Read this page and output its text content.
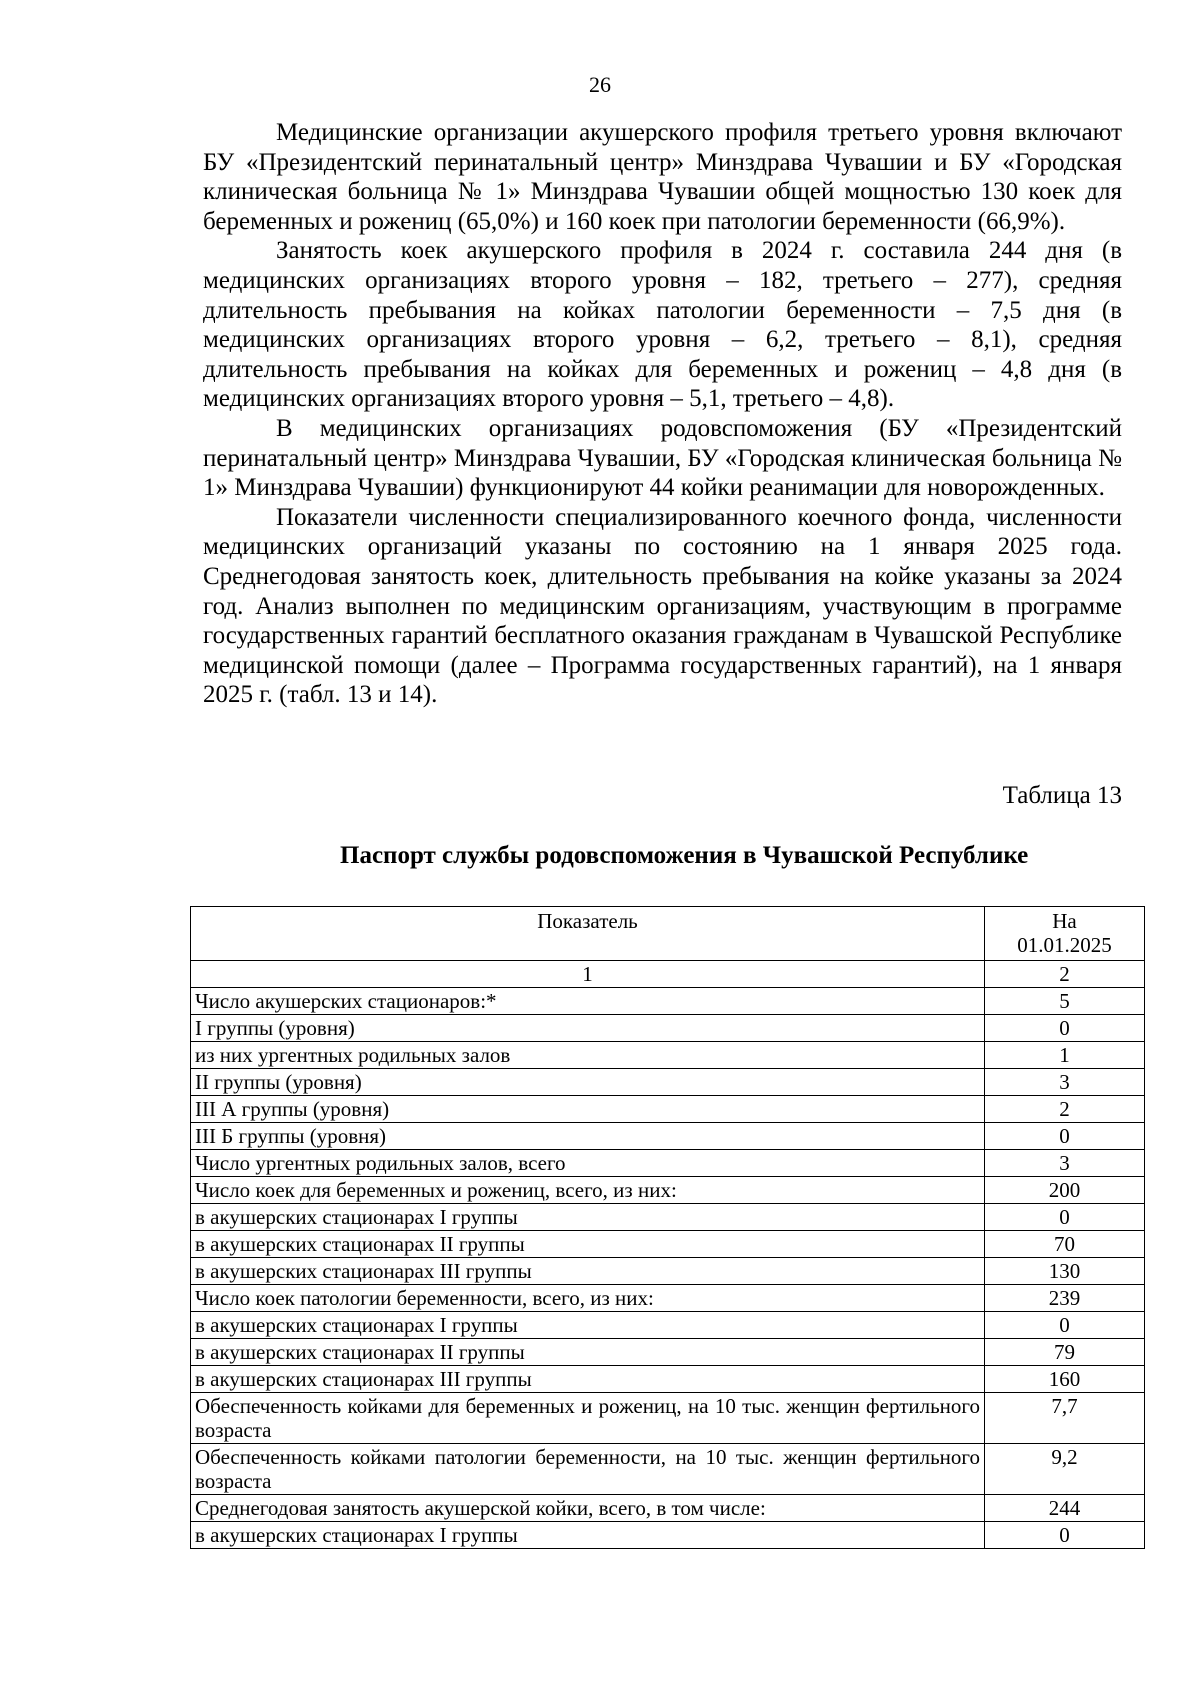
26

Медицинские организации акушерского профиля третьего уровня включают БУ «Президентский перинатальный центр» Минздрава Чувашии и БУ «Городская клиническая больница № 1» Минздрава Чувашии общей мощностью 130 коек для беременных и рожениц (65,0%) и 160 коек при патологии беременности (66,9%).

Занятость коек акушерского профиля в 2024 г. составила 244 дня (в медицинских организациях второго уровня – 182, третьего – 277), средняя длительность пребывания на койках патологии беременности – 7,5 дня (в медицинских организациях второго уровня – 6,2, третьего – 8,1), средняя длительность пребывания на койках для беременных и рожениц – 4,8 дня (в медицинских организациях второго уровня – 5,1, третьего – 4,8).

В медицинских организациях родовспоможения (БУ «Президентский перинатальный центр» Минздрава Чувашии, БУ «Городская клиническая больница № 1» Минздрава Чувашии) функционируют 44 койки реанимации для новорожденных.

Показатели численности специализированного коечного фонда, численности медицинских организаций указаны по состоянию на 1 января 2025 года. Среднегодовая занятость коек, длительность пребывания на койке указаны за 2024 год. Анализ выполнен по медицинским организациям, участвующим в программе государственных гарантий бесплатного оказания гражданам в Чувашской Республике медицинской помощи (далее – Программа государственных гарантий), на 1 января 2025 г. (табл. 13 и 14).

Таблица 13
Паспорт службы родовспоможения в Чувашской Республике
Показатель	На
01.01.2025
1	2
Число акушерских стационаров:*	5
I группы (уровня)	0
из них ургентных родильных залов	1
II группы (уровня)	3
III А группы (уровня)	2
III Б группы (уровня)	0
Число ургентных родильных залов, всего	3
Число коек для беременных и рожениц, всего, из них:	200
в акушерских стационарах I группы	0
в акушерских стационарах II группы	70
в акушерских стационарах III группы	130
Число коек патологии беременности, всего, из них:	239
в акушерских стационарах I группы	0
в акушерских стационарах II группы	79
в акушерских стационарах III группы	160
Обеспеченность койками для беременных и рожениц, на 10 тыс. женщин фертильного возраста	7,7
Обеспеченность койками патологии беременности, на 10 тыс. женщин фертильного возраста	9,2
Среднегодовая занятость акушерской койки, всего, в том числе:	244
в акушерских стационарах I группы	0
